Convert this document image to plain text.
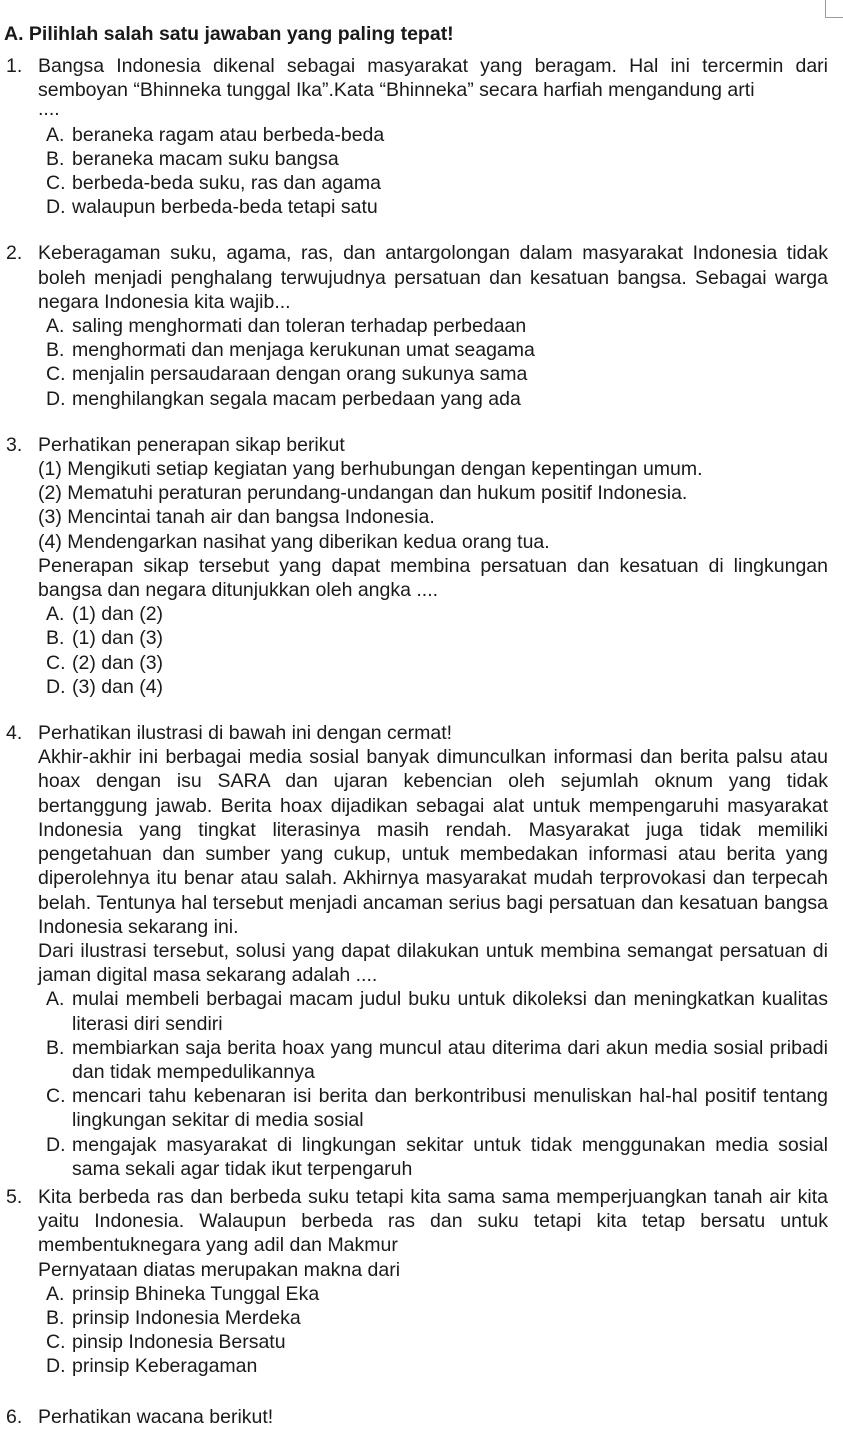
A. Pilihlah salah satu jawaban yang paling tepat!
1. Bangsa Indonesia dikenal sebagai masyarakat yang beragam. Hal ini tercermin dari semboyan “Bhinneka tunggal Ika”.Kata “Bhinneka” secara harfiah mengandung arti
....
A. beraneka ragam atau berbeda-beda
B. beraneka macam suku bangsa
C. berbeda-beda suku, ras dan agama
D. walaupun berbeda-beda tetapi satu
2. Keberagaman suku, agama, ras, dan antargolongan dalam masyarakat Indonesia tidak boleh menjadi penghalang terwujudnya persatuan dan kesatuan bangsa. Sebagai warga negara Indonesia kita wajib...
A. saling menghormati dan toleran terhadap perbedaan
B. menghormati dan menjaga kerukunan umat seagama
C. menjalin persaudaraan dengan orang sukunya sama
D. menghilangkan segala macam perbedaan yang ada
3. Perhatikan penerapan sikap berikut
(1) Mengikuti setiap kegiatan yang berhubungan dengan kepentingan umum.
(2) Mematuhi peraturan perundang-undangan dan hukum positif Indonesia.
(3) Mencintai tanah air dan bangsa Indonesia.
(4) Mendengarkan nasihat yang diberikan kedua orang tua.
Penerapan sikap tersebut yang dapat membina persatuan dan kesatuan di lingkungan bangsa dan negara ditunjukkan oleh angka ....
A. (1) dan (2)
B. (1) dan (3)
C. (2) dan (3)
D. (3) dan (4)
4. Perhatikan ilustrasi di bawah ini dengan cermat!
Akhir-akhir ini berbagai media sosial banyak dimunculkan informasi dan berita palsu atau hoax dengan isu SARA dan ujaran kebencian oleh sejumlah oknum yang tidak bertanggung jawab. Berita hoax dijadikan sebagai alat untuk mempengaruhi masyarakat Indonesia yang tingkat literasinya masih rendah. Masyarakat juga tidak memiliki pengetahuan dan sumber yang cukup, untuk membedakan informasi atau berita yang diperolehnya itu benar atau salah. Akhirnya masyarakat mudah terprovokasi dan terpecah belah. Tentunya hal tersebut menjadi ancaman serius bagi persatuan dan kesatuan bangsa Indonesia sekarang ini.
Dari ilustrasi tersebut, solusi yang dapat dilakukan untuk membina semangat persatuan di jaman digital masa sekarang adalah ....
A. mulai membeli berbagai macam judul buku untuk dikoleksi dan meningkatkan kualitas literasi diri sendiri
B. membiarkan saja berita hoax yang muncul atau diterima dari akun media sosial pribadi dan tidak mempedulikannya
C. mencari tahu kebenaran isi berita dan berkontribusi menuliskan hal-hal positif tentang lingkungan sekitar di media sosial
D. mengajak masyarakat di lingkungan sekitar untuk tidak menggunakan media sosial sama sekali agar tidak ikut terpengaruh
5. Kita berbeda ras dan berbeda suku tetapi kita sama sama memperjuangkan tanah air kita yaitu Indonesia. Walaupun berbeda ras dan suku tetapi kita tetap bersatu untuk membentuknegara yang adil dan Makmur
Pernyataan diatas merupakan makna dari
A. prinsip Bhineka Tunggal Eka
B. prinsip Indonesia Merdeka
C. pinsip Indonesia Bersatu
D. prinsip Keberagaman
6. Perhatikan wacana berikut!
